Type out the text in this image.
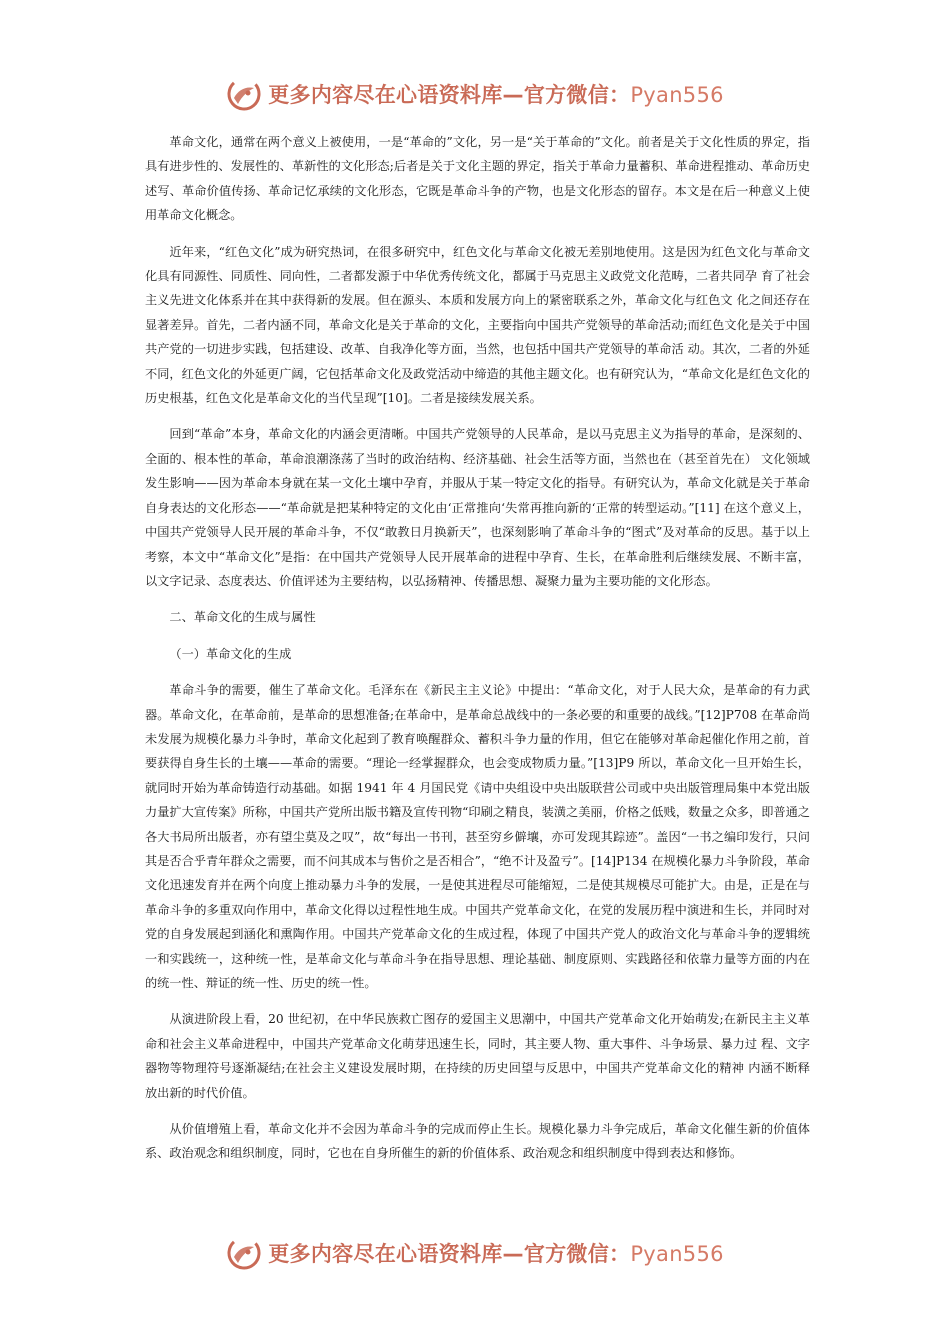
更多内容尽在心语资料库—官方微信：Pyan556

革命文化，通常在两个意义上被使用，一是“革命的”文化，另一是“关于革命的”文化。前者是关于文化性质的界定，指具有进步性的、发展性的、革新性的文化形态;后者是关于文化主题的界定，指关于革命力量蓄积、革命进程推动、革命历史述写、革命价值传扬、革命记忆承续的文化形态，它既是革命斗争的产物，也是文化形态的留存。本文是在后一种意义上使用革命文化概念。

近年来，“红色文化”成为研究热词，在很多研究中，红色文化与革命文化被无差别地使用。这是因为红色文化与革命文化具有同源性、同质性、同向性，二者都发源于中华优秀传统文化，都属于马克思主义政党文化范畴，二者共同孕 育了社会主义先进文化体系并在其中获得新的发展。但在源头、本质和发展方向上的紧密联系之外，革命文化与红色文 化之间还存在显著差异。首先，二者内涵不同，革命文化是关于革命的文化，主要指向中国共产党领导的革命活动;而红色文化是关于中国共产党的一切进步实践，包括建设、改革、自我净化等方面，当然，也包括中国共产党领导的革命活 动。其次，二者的外延不同，红色文化的外延更广阔，它包括革命文化及政党活动中缔造的其他主题文化。也有研究认为，“革命文化是红色文化的历史根基，红色文化是革命文化的当代呈现”[10]。二者是接续发展关系。

回到“革命”本身，革命文化的内涵会更清晰。中国共产党领导的人民革命，是以马克思主义为指导的革命，是深刻的、全面的、根本性的革命，革命浪潮涤荡了当时的政治结构、经济基础、社会生活等方面，当然也在（甚至首先在） 文化领域发生影响——因为革命本身就在某一文化土壤中孕育，并服从于某一特定文化的指导。有研究认为，革命文化就是关于革命自身表达的文化形态——“革命就是把某种特定的文化由‘正常推向‘失常再推向新的‘正常的转型运动。”[11] 在这个意义上，中国共产党领导人民开展的革命斗争，不仅“敢教日月换新天”，也深刻影响了革命斗争的“图式”及对革命的反思。基于以上考察，本文中“革命文化”是指：在中国共产党领导人民开展革命的进程中孕育、生长，在革命胜利后继续发展、不断丰富，以文字记录、态度表达、价值评述为主要结构，以弘扬精神、传播思想、凝聚力量为主要功能的文化形态。

二、革命文化的生成与属性

（一）革命文化的生成

革命斗争的需要，催生了革命文化。毛泽东在《新民主主义论》中提出：“革命文化，对于人民大众，是革命的有力武器。革命文化，在革命前，是革命的思想准备;在革命中，是革命总战线中的一条必要的和重要的战线。”[12]P708 在革命尚未发展为规模化暴力斗争时，革命文化起到了教育唤醒群众、蓄积斗争力量的作用，但它在能够对革命起催化作用之前，首要获得自身生长的土壤——革命的需要。“理论一经掌握群众，也会变成物质力量。”[13]P9 所以，革命文化一旦开始生长，就同时开始为革命铸造行动基础。如据 1941 年 4 月国民党《请中央组设中央出版联营公司或中央出版管理局集中本党出版力量扩大宣传案》所称，中国共产党所出版书籍及宣传刊物“印刷之精良，装潢之美丽，价格之低贱，数量之众多，即普通之各大书局所出版者，亦有望尘莫及之叹”，故“每出一书刊，甚至穷乡僻壤，亦可发现其踪迹”。盖因“一书之编印发行，只问其是否合乎青年群众之需要，而不问其成本与售价之是否相合”，“绝不计及盈亏”。[14]P134 在规模化暴力斗争阶段，革命文化迅速发育并在两个向度上推动暴力斗争的发展，一是使其进程尽可能缩短，二是使其规模尽可能扩大。由是，正是在与革命斗争的多重双向作用中，革命文化得以过程性地生成。中国共产党革命文化，在党的发展历程中演进和生长，并同时对党的自身发展起到涵化和熏陶作用。中国共产党革命文化的生成过程，体现了中国共产党人的政治文化与革命斗争的逻辑统一和实践统一，这种统一性，是革命文化与革命斗争在指导思想、理论基础、制度原则、实践路径和依靠力量等方面的内在的统一性、辩证的统一性、历史的统一性。

从演进阶段上看，20 世纪初，在中华民族救亡图存的爱国主义思潮中，中国共产党革命文化开始萌发;在新民主主义革命和社会主义革命进程中，中国共产党革命文化萌芽迅速生长，同时，其主要人物、重大事件、斗争场景、暴力过 程、文字器物等物理符号逐渐凝结;在社会主义建设发展时期，在持续的历史回望与反思中，中国共产党革命文化的精神 内涵不断释放出新的时代价值。

从价值增殖上看，革命文化并不会因为革命斗争的完成而停止生长。规模化暴力斗争完成后，革命文化催生新的价值体系、政治观念和组织制度，同时，它也在自身所催生的新的价值体系、政治观念和组织制度中得到表达和修饰。

更多内容尽在心语资料库—官方微信：Pyan556
